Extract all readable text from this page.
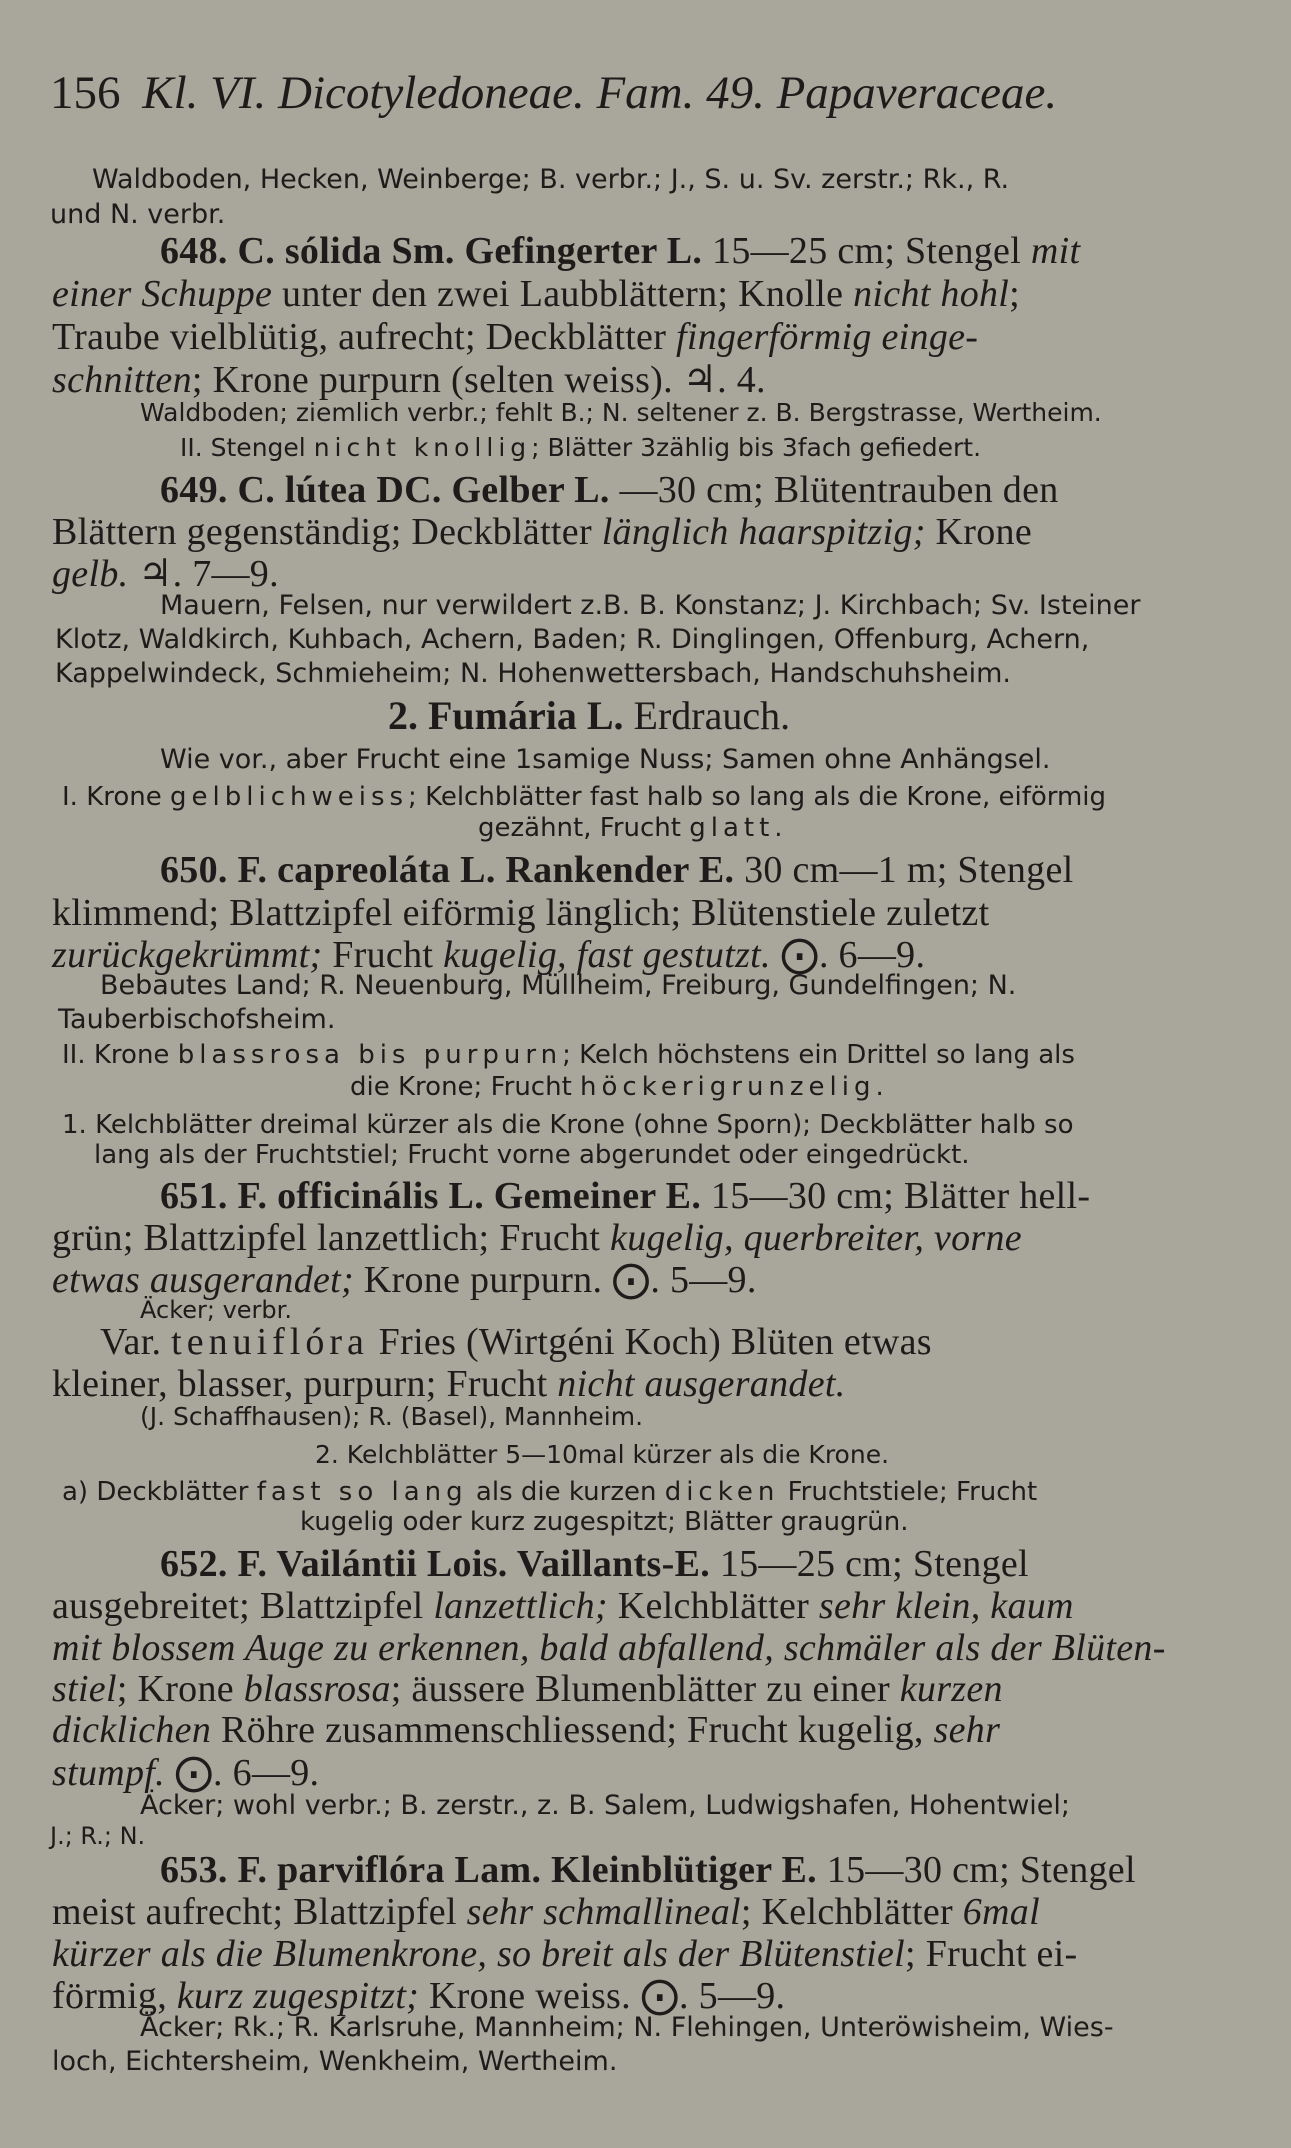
156 Kl. VI. Dicotyledoneae. Fam. 49. Papaveraceae.
Waldboden, Hecken, Weinberge; B. verbr.; J., S. u. Sv. zerstr.; Rk., R.
und N. verbr.
648. C. sólida Sm. Gefingerter L. 15—25 cm; Stengel mit
einer Schuppe unter den zwei Laubblättern; Knolle nicht hohl;
Traube vielblütig, aufrecht; Deckblätter fingerförmig einge-
schnitten; Krone purpurn (selten weiss). ♃. 4.
Waldboden; ziemlich verbr.; fehlt B.; N. seltener z. B. Bergstrasse, Wertheim.
II. Stengel nicht knollig; Blätter 3zählig bis 3fach gefiedert.
649. C. lútea DC. Gelber L. —30 cm; Blütentrauben den
Blättern gegenständig; Deckblätter länglich haarspitzig; Krone
gelb. ♃. 7—9.
Mauern, Felsen, nur verwildert z.B. B. Konstanz; J. Kirchbach; Sv. Isteiner
Klotz, Waldkirch, Kuhbach, Achern, Baden; R. Dinglingen, Offenburg, Achern,
Kappelwindeck, Schmieheim; N. Hohenwettersbach, Handschuhsheim.
2. Fumária L. Erdrauch.
Wie vor., aber Frucht eine 1samige Nuss; Samen ohne Anhängsel.
I. Krone gelblichweiss; Kelchblätter fast halb so lang als die Krone, eiförmig
gezähnt, Frucht glatt.
650. F. capreoláta L. Rankender E. 30 cm—1 m; Stengel
klimmend; Blattzipfel eiförmig länglich; Blütenstiele zuletzt
zurückgekrümmt; Frucht kugelig, fast gestutzt. ⨀. 6—9.
Bebautes Land; R. Neuenburg, Müllheim, Freiburg, Gundelfingen; N.
Tauberbischofsheim.
II. Krone blassrosa bis purpurn; Kelch höchstens ein Drittel so lang als
die Krone; Frucht höckerigrunzelig.
1. Kelchblätter dreimal kürzer als die Krone (ohne Sporn); Deckblätter halb so
lang als der Fruchtstiel; Frucht vorne abgerundet oder eingedrückt.
651. F. officinális L. Gemeiner E. 15—30 cm; Blätter hell-
grün; Blattzipfel lanzettlich; Frucht kugelig, querbreiter, vorne
etwas ausgerandet; Krone purpurn. ⨀. 5—9.
Äcker; verbr.
Var. tenuiflóra Fries (Wirtgéni Koch) Blüten etwas
kleiner, blasser, purpurn; Frucht nicht ausgerandet.
(J. Schaffhausen); R. (Basel), Mannheim.
2. Kelchblätter 5—10mal kürzer als die Krone.
a) Deckblätter fast so lang als die kurzen dicken Fruchtstiele; Frucht
kugelig oder kurz zugespitzt; Blätter graugrün.
652. F. Vailántii Lois. Vaillants-E. 15—25 cm; Stengel
ausgebreitet; Blattzipfel lanzettlich; Kelchblätter sehr klein, kaum
mit blossem Auge zu erkennen, bald abfallend, schmäler als der Blüten-
stiel; Krone blassrosa; äussere Blumenblätter zu einer kurzen
dicklichen Röhre zusammenschliessend; Frucht kugelig, sehr
stumpf. ⨀. 6—9.
Äcker; wohl verbr.; B. zerstr., z. B. Salem, Ludwigshafen, Hohentwiel;
J.; R.; N.
653. F. parviflóra Lam. Kleinblütiger E. 15—30 cm; Stengel
meist aufrecht; Blattzipfel sehr schmallineal; Kelchblätter 6mal
kürzer als die Blumenkrone, so breit als der Blütenstiel; Frucht ei-
förmig, kurz zugespitzt; Krone weiss. ⨀. 5—9.
Äcker; Rk.; R. Karlsruhe, Mannheim; N. Flehingen, Unteröwisheim, Wies-
loch, Eichtersheim, Wenkheim, Wertheim.
